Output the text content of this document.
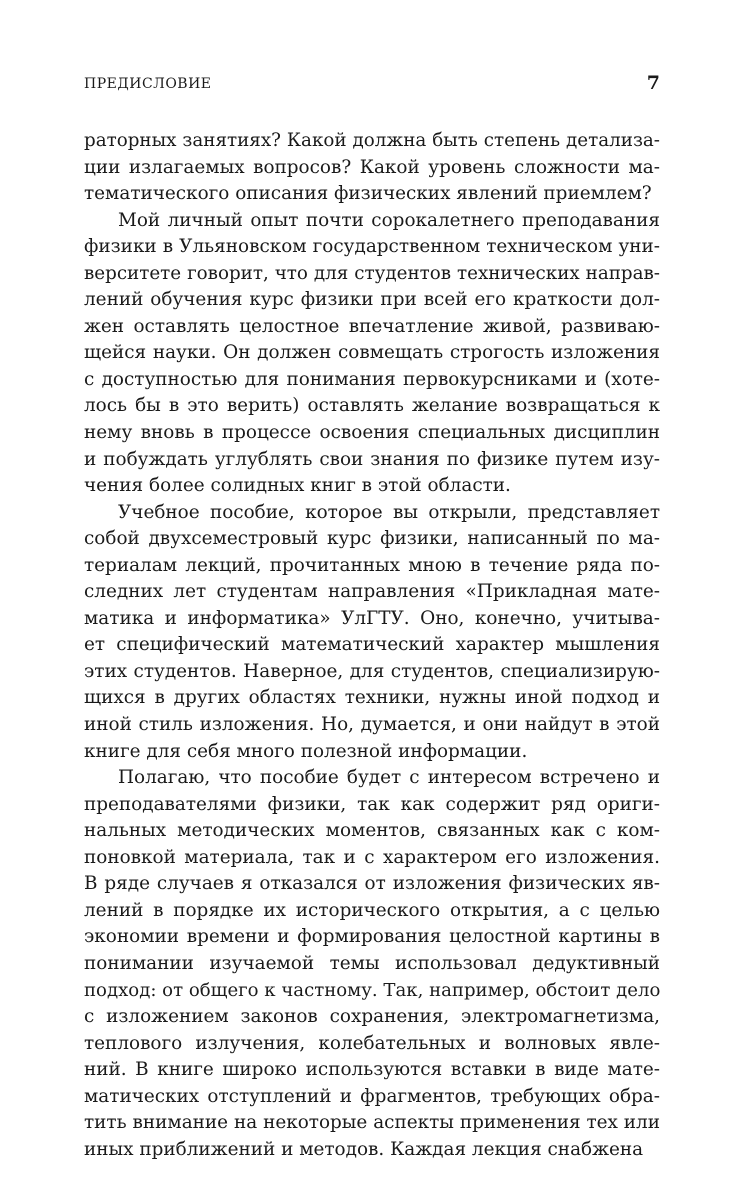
ПРЕДИСЛОВИЕ	7
раторных занятиях? Какой должна быть степень детализа-
ции излагаемых вопросов? Какой уровень сложности ма-
тематического описания физических явлений приемлем?
Мой личный опыт почти сорокалетнего преподавания
физики в Ульяновском государственном техническом уни-
верситете говорит, что для студентов технических направ-
лений обучения курс физики при всей его краткости дол-
жен оставлять целостное впечатление живой, развиваю-
щейся науки. Он должен совмещать строгость изложения
с доступностью для понимания первокурсниками и (хоте-
лось бы в это верить) оставлять желание возвращаться к
нему вновь в процессе освоения специальных дисциплин
и побуждать углублять свои знания по физике путем изу-
чения более солидных книг в этой области.
Учебное пособие, которое вы открыли, представляет
собой двухсеместровый курс физики, написанный по ма-
териалам лекций, прочитанных мною в течение ряда по-
следних лет студентам направления «Прикладная мате-
матика и информатика» УлГТУ. Оно, конечно, учитыва-
ет специфический математический характер мышления
этих студентов. Наверное, для студентов, специализирую-
щихся в других областях техники, нужны иной подход и
иной стиль изложения. Но, думается, и они найдут в этой
книге для себя много полезной информации.
Полагаю, что пособие будет с интересом встречено и
преподавателями физики, так как содержит ряд ориги-
нальных методических моментов, связанных как с ком-
поновкой материала, так и с характером его изложения.
В ряде случаев я отказался от изложения физических яв-
лений в порядке их исторического открытия, а с целью
экономии времени и формирования целостной картины в
понимании изучаемой темы использовал дедуктивный
подход: от общего к частному. Так, например, обстоит дело
с изложением законов сохранения, электромагнетизма,
теплового излучения, колебательных и волновых явле-
ний. В книге широко используются вставки в виде мате-
матических отступлений и фрагментов, требующих обра-
тить внимание на некоторые аспекты применения тех или
иных приближений и методов. Каждая лекция снабжена
